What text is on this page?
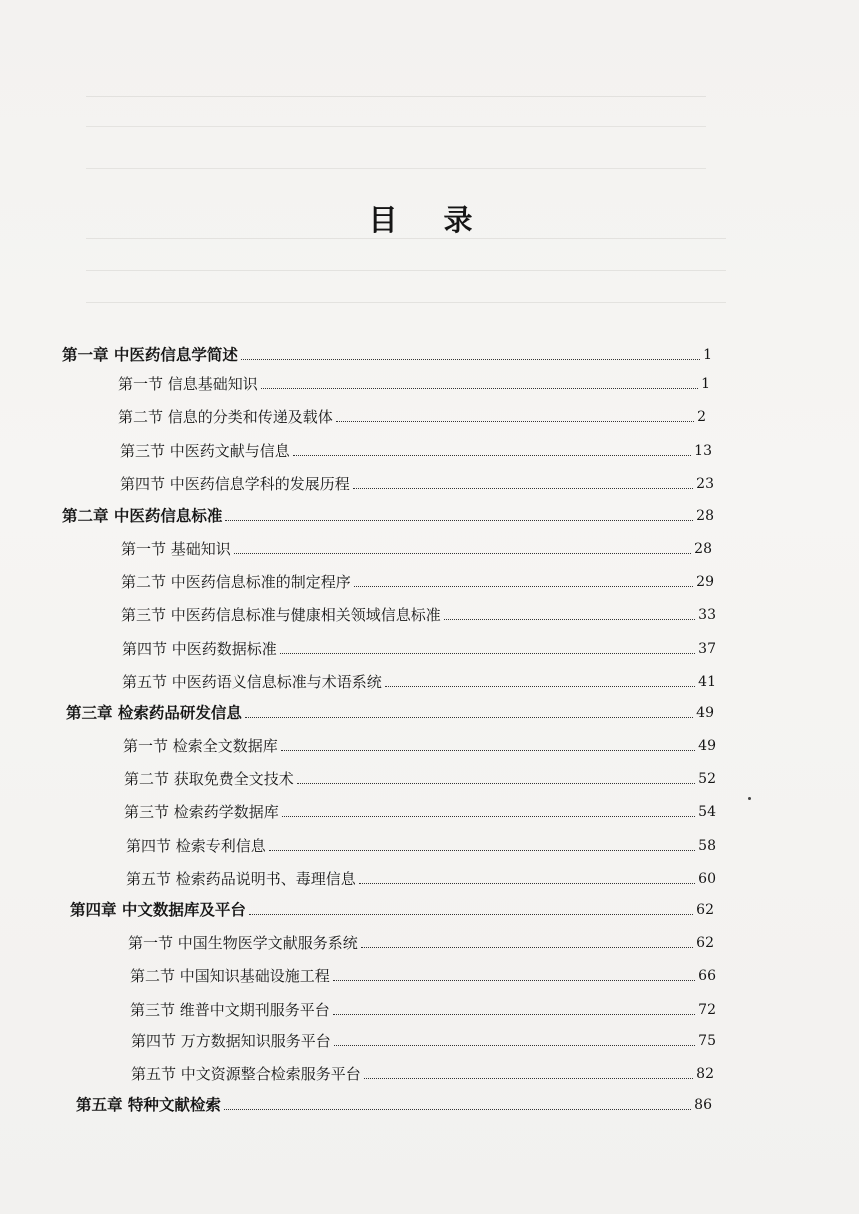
目 录
第一章 中医药信息学简述	1
第一节 信息基础知识	1
第二节 信息的分类和传递及载体	2
第三节 中医药文献与信息	13
第四节 中医药信息学科的发展历程	23
第二章 中医药信息标准	28
第一节 基础知识	28
第二节 中医药信息标准的制定程序	29
第三节 中医药信息标准与健康相关领域信息标准	33
第四节 中医药数据标准	37
第五节 中医药语义信息标准与术语系统	41
第三章 检索药品研发信息	49
第一节 检索全文数据库	49
第二节 获取免费全文技术	52
第三节 检索药学数据库	54
第四节 检索专利信息	58
第五节 检索药品说明书、毒理信息	60
第四章 中文数据库及平台	62
第一节 中国生物医学文献服务系统	62
第二节 中国知识基础设施工程	66
第三节 维普中文期刊服务平台	72
第四节 万方数据知识服务平台	75
第五节 中文资源整合检索服务平台	82
第五章 特种文献检索	86
